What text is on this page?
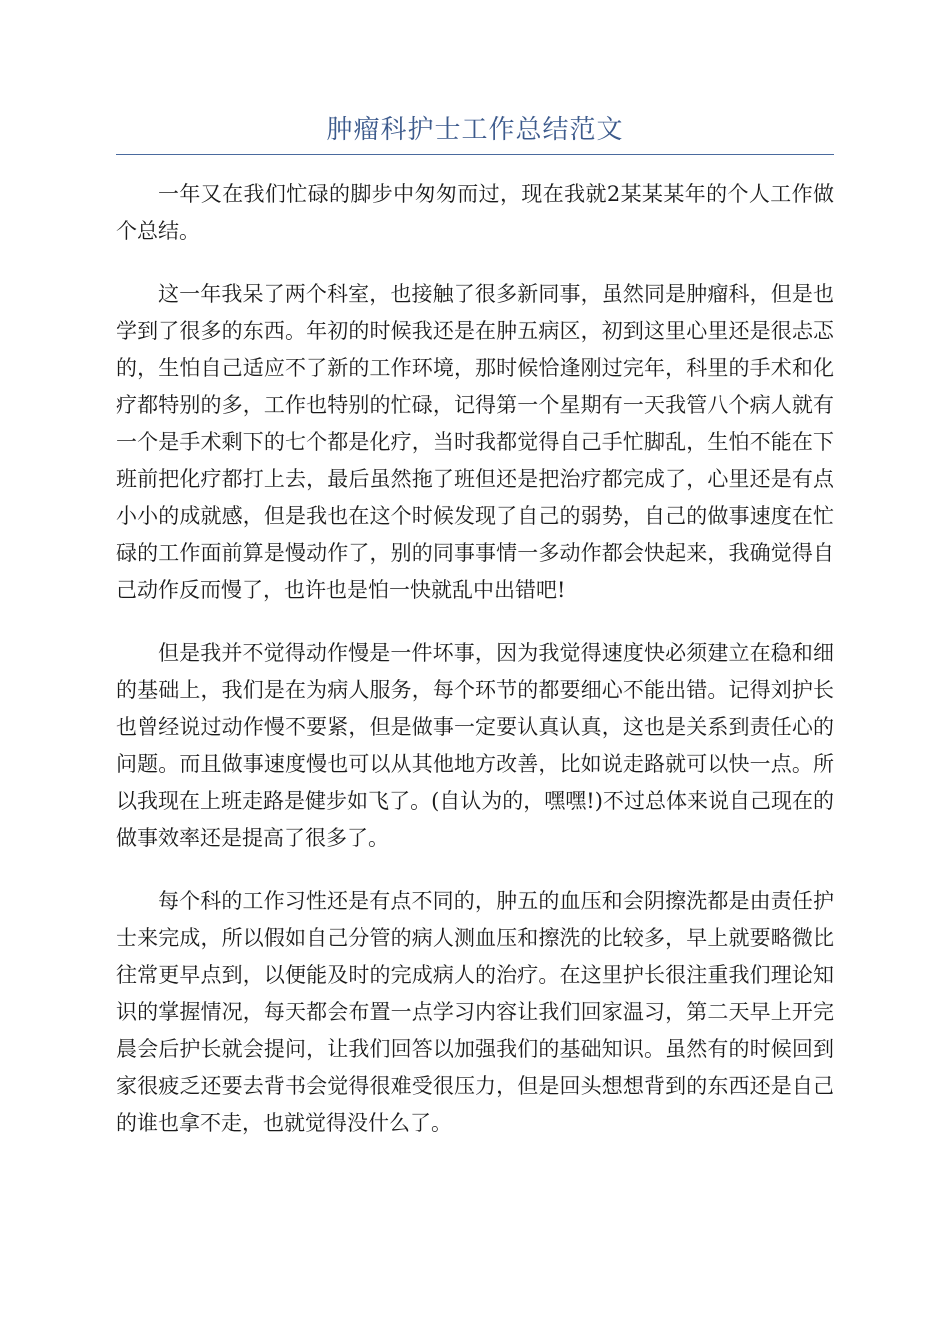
肿瘤科护士工作总结范文

一年又在我们忙碌的脚步中匆匆而过，现在我就2某某某年的个人工作做个总结。

这一年我呆了两个科室，也接触了很多新同事，虽然同是肿瘤科，但是也学到了很多的东西。年初的时候我还是在肿五病区，初到这里心里还是很忐忑的，生怕自己适应不了新的工作环境，那时候恰逢刚过完年，科里的手术和化疗都特别的多，工作也特别的忙碌，记得第一个星期有一天我管八个病人就有一个是手术剩下的七个都是化疗，当时我都觉得自己手忙脚乱，生怕不能在下班前把化疗都打上去，最后虽然拖了班但还是把治疗都完成了，心里还是有点小小的成就感，但是我也在这个时候发现了自己的弱势，自己的做事速度在忙碌的工作面前算是慢动作了，别的同事事情一多动作都会快起来，我确觉得自己动作反而慢了，也许也是怕一快就乱中出错吧!

但是我并不觉得动作慢是一件坏事，因为我觉得速度快必须建立在稳和细的基础上，我们是在为病人服务，每个环节的都要细心不能出错。记得刘护长也曾经说过动作慢不要紧，但是做事一定要认真认真，这也是关系到责任心的问题。而且做事速度慢也可以从其他地方改善，比如说走路就可以快一点。所以我现在上班走路是健步如飞了。(自认为的，嘿嘿!)不过总体来说自己现在的做事效率还是提高了很多了。

每个科的工作习性还是有点不同的，肿五的血压和会阴擦洗都是由责任护士来完成，所以假如自己分管的病人测血压和擦洗的比较多，早上就要略微比往常更早点到，以便能及时的完成病人的治疗。在这里护长很注重我们理论知识的掌握情况，每天都会布置一点学习内容让我们回家温习，第二天早上开完晨会后护长就会提问，让我们回答以加强我们的基础知识。虽然有的时候回到家很疲乏还要去背书会觉得很难受很压力，但是回头想想背到的东西还是自己的谁也拿不走，也就觉得没什么了。
